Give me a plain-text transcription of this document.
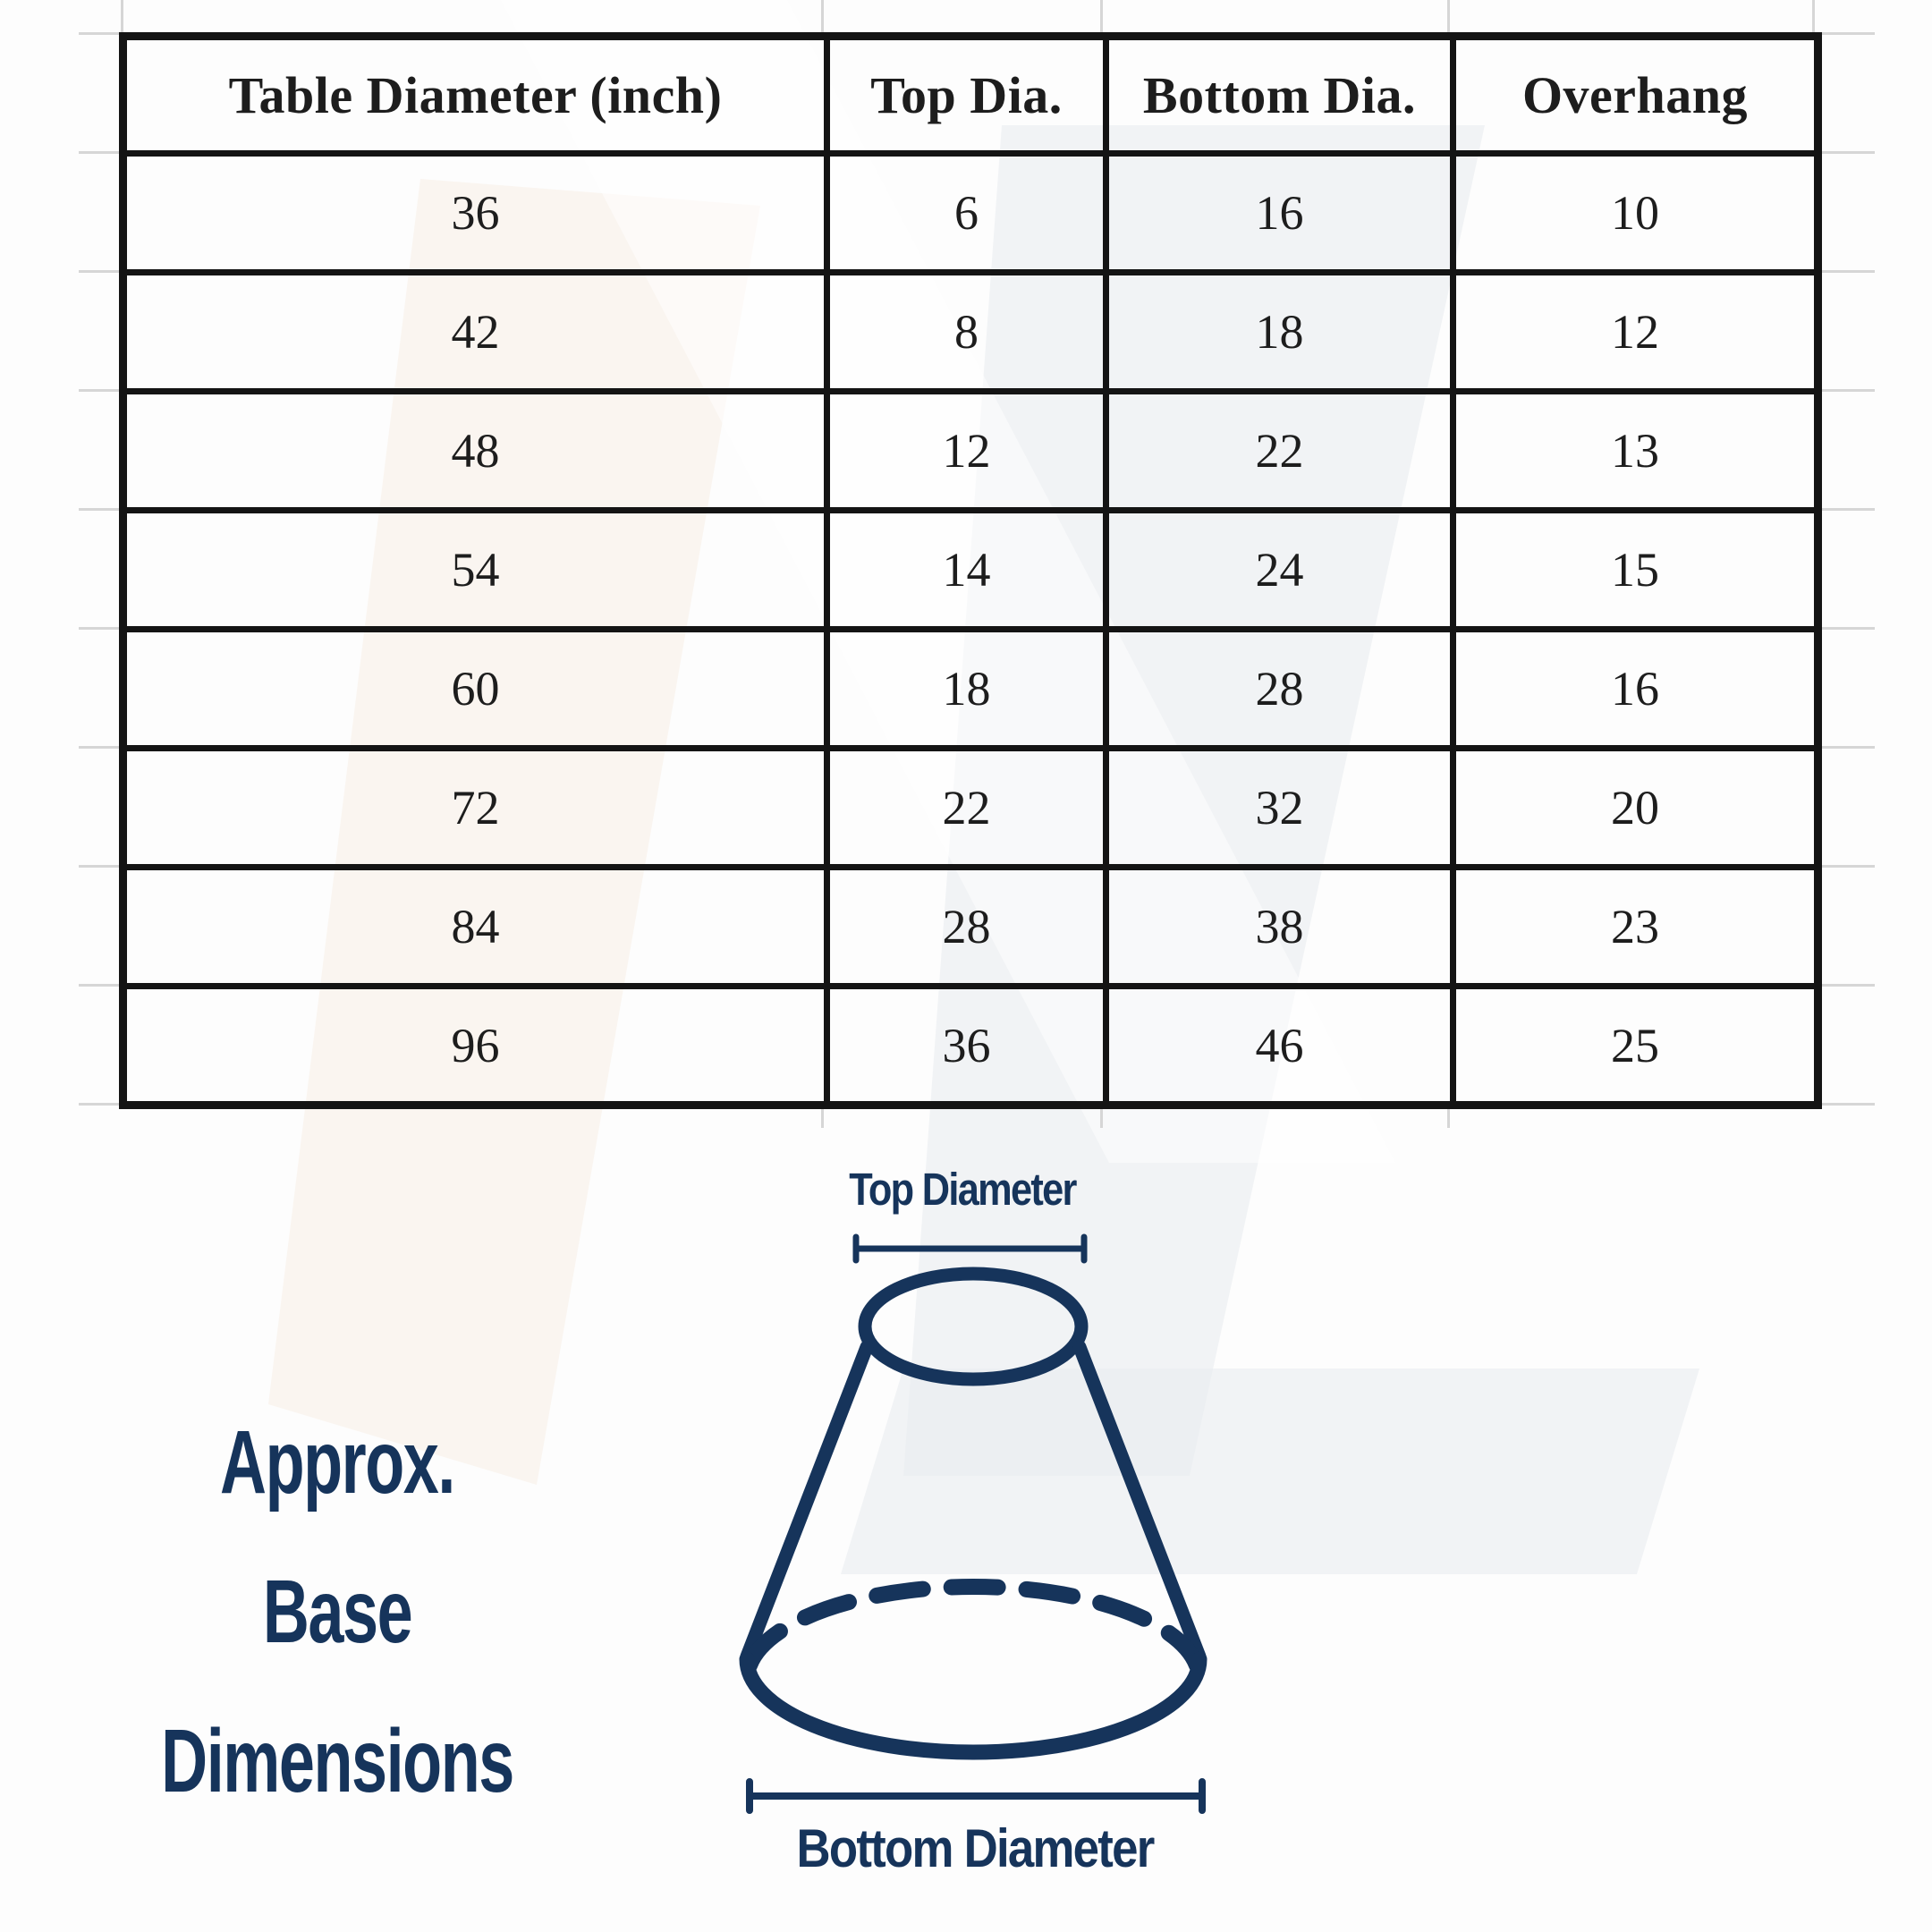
Table Diameter (inch)	Top Dia.	Bottom Dia.	Overhang
36	6	16	10
42	8	18	12
48	12	22	13
54	14	24	15
60	18	28	16
72	22	32	20
84	28	38	23
96	36	46	25
Top Diameter
Bottom Diameter
Approx. Base
Dimensions
